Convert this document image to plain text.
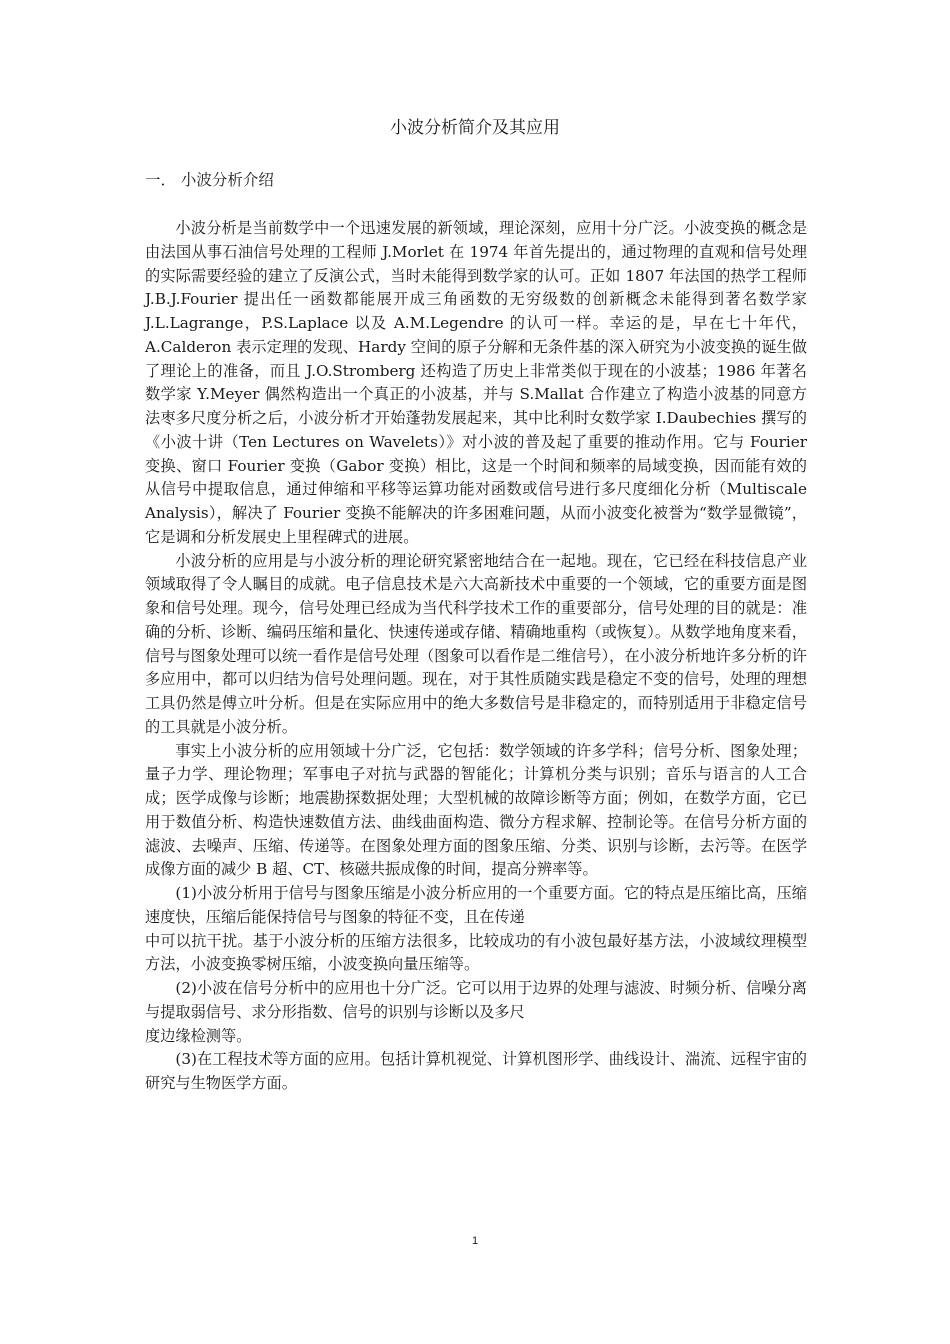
小波分析简介及其应用
一． 小波分析介绍

小波分析是当前数学中一个迅速发展的新领域，理论深刻，应用十分广泛。小波变换的概念是由法国从事石油信号处理的工程师 J.Morlet 在 1974 年首先提出的，通过物理的直观和信号处理的实际需要经验的建立了反演公式，当时未能得到数学家的认可。正如 1807 年法国的热学工程师 J.B.J.Fourier 提出任一函数都能展开成三角函数的无穷级数的创新概念未能得到著名数学家 J.L.Lagrange，P.S.Laplace 以及 A.M.Legendre 的认可一样。幸运的是，早在七十年代，A.Calderon 表示定理的发现、Hardy 空间的原子分解和无条件基的深入研究为小波变换的诞生做了理论上的准备，而且 J.O.Stromberg 还构造了历史上非常类似于现在的小波基；1986 年著名数学家 Y.Meyer 偶然构造出一个真正的小波基，并与 S.Mallat 合作建立了构造小波基的同意方法枣多尺度分析之后，小波分析才开始蓬勃发展起来，其中比利时女数学家 I.Daubechies 撰写的《小波十讲（Ten Lectures on Wavelets）》对小波的普及起了重要的推动作用。它与 Fourier 变换、窗口 Fourier 变换（Gabor 变换）相比，这是一个时间和频率的局域变换，因而能有效的从信号中提取信息，通过伸缩和平移等运算功能对函数或信号进行多尺度细化分析（Multiscale Analysis），解决了 Fourier 变换不能解决的许多困难问题，从而小波变化被誉为“数学显微镜”，它是调和分析发展史上里程碑式的进展。

小波分析的应用是与小波分析的理论研究紧密地结合在一起地。现在，它已经在科技信息产业领域取得了令人瞩目的成就。电子信息技术是六大高新技术中重要的一个领域，它的重要方面是图象和信号处理。现今，信号处理已经成为当代科学技术工作的重要部分，信号处理的目的就是：准确的分析、诊断、编码压缩和量化、快速传递或存储、精确地重构（或恢复）。从数学地角度来看，信号与图象处理可以统一看作是信号处理（图象可以看作是二维信号），在小波分析地许多分析的许多应用中，都可以归结为信号处理问题。现在，对于其性质随实践是稳定不变的信号，处理的理想工具仍然是傅立叶分析。但是在实际应用中的绝大多数信号是非稳定的，而特别适用于非稳定信号的工具就是小波分析。

事实上小波分析的应用领域十分广泛，它包括：数学领域的许多学科；信号分析、图象处理；量子力学、理论物理；军事电子对抗与武器的智能化；计算机分类与识别；音乐与语言的人工合成；医学成像与诊断；地震勘探数据处理；大型机械的故障诊断等方面；例如，在数学方面，它已用于数值分析、构造快速数值方法、曲线曲面构造、微分方程求解、控制论等。在信号分析方面的滤波、去噪声、压缩、传递等。在图象处理方面的图象压缩、分类、识别与诊断，去污等。在医学成像方面的减少 B 超、CT、核磁共振成像的时间，提高分辨率等。

(1)小波分析用于信号与图象压缩是小波分析应用的一个重要方面。它的特点是压缩比高，压缩速度快，压缩后能保持信号与图象的特征不变，且在传递

中可以抗干扰。基于小波分析的压缩方法很多，比较成功的有小波包最好基方法，小波域纹理模型方法，小波变换零树压缩，小波变换向量压缩等。

(2)小波在信号分析中的应用也十分广泛。它可以用于边界的处理与滤波、时频分析、信噪分离与提取弱信号、求分形指数、信号的识别与诊断以及多尺

度边缘检测等。

(3)在工程技术等方面的应用。包括计算机视觉、计算机图形学、曲线设计、湍流、远程宇宙的研究与生物医学方面。

1
